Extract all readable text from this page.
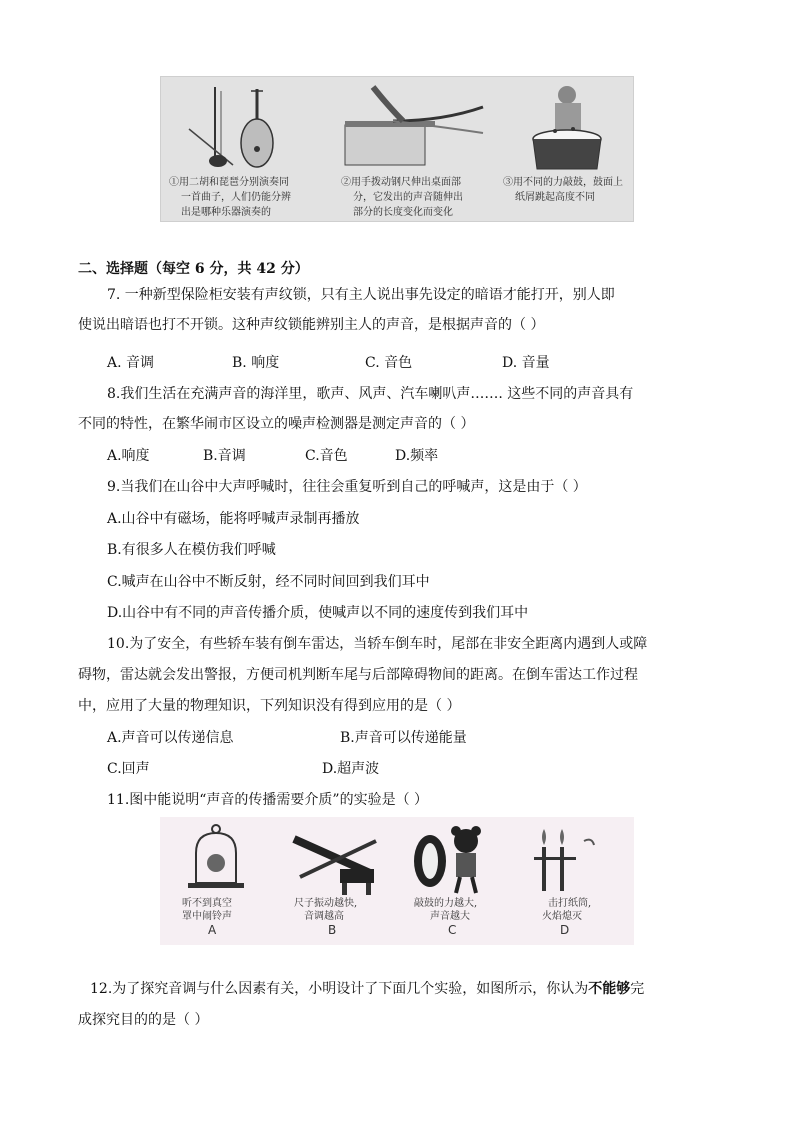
①用二胡和琵琶分别演奏同
一首曲子，人们仍能分辨
出是哪种乐器演奏的
②用手拨动钢尺伸出桌面部
分，它发出的声音随伸出
部分的长度变化而变化
③用不同的力敲鼓，鼓面上
纸屑跳起高度不同
二、选择题（每空 6 分，共 42 分）
7. 一种新型保险柜安装有声纹锁，只有主人说出事先设定的暗语才能打开，别人即
使说出暗语也打不开锁。这种声纹锁能辨别主人的声音，是根据声音的（ ）
A. 音调	B. 响度	C. 音色	D. 音量
8.我们生活在充满声音的海洋里，歌声、风声、汽车喇叭声……. 这些不同的声音具有
不同的特性，在繁华闹市区设立的噪声检测器是测定声音的（ ）
A.响度	B.音调	C.音色	D.频率
9.当我们在山谷中大声呼喊时，往往会重复听到自己的呼喊声，这是由于（ ）
A.山谷中有磁场，能将呼喊声录制再播放
B.有很多人在模仿我们呼喊
C.喊声在山谷中不断反射，经不同时间回到我们耳中
D.山谷中有不同的声音传播介质，使喊声以不同的速度传到我们耳中
10.为了安全，有些轿车装有倒车雷达，当轿车倒车时，尾部在非安全距离内遇到人或障
碍物，雷达就会发出警报，方便司机判断车尾与后部障碍物间的距离。在倒车雷达工作过程
中，应用了大量的物理知识，下列知识没有得到应用的是（ ）
A.声音可以传递信息	B.声音可以传递能量
C.回声	D.超声波
11.图中能说明“声音的传播需要介质”的实验是（ ）
听不到真空
罩中闹铃声
A
尺子振动越快,
音调越高
B
敲鼓的力越大,
声音越大
C
击打纸筒,
火焰熄灭
D
12.为了探究音调与什么因素有关，小明设计了下面几个实验，如图所示，你认为不能够完
成探究目的的是（ ）
